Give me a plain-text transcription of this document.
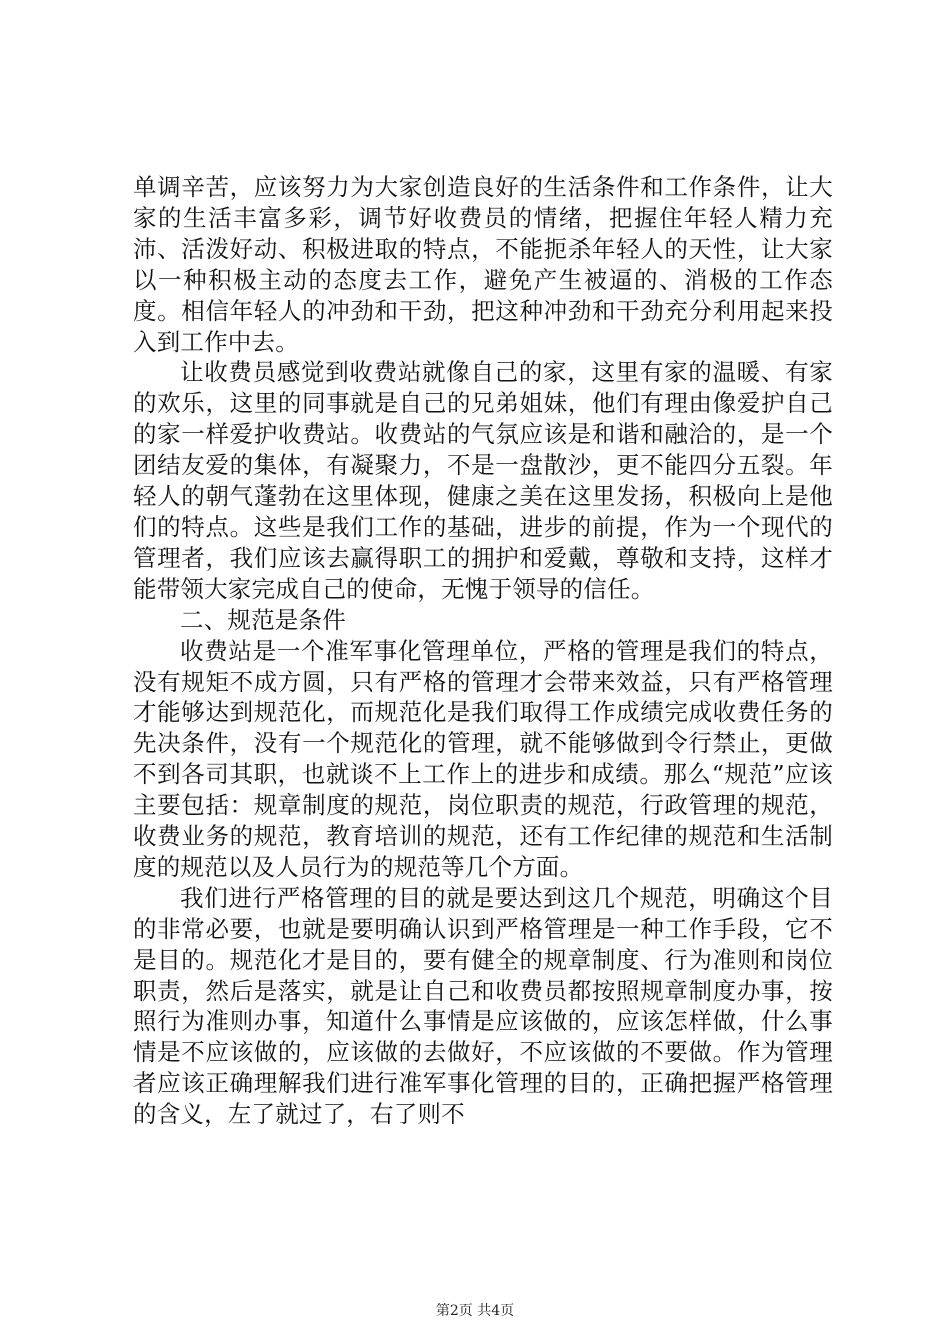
单调辛苦，应该努力为大家创造良好的生活条件和工作条件，让大家的生活丰富多彩，调节好收费员的情绪，把握住年轻人精力充沛、活泼好动、积极进取的特点，不能扼杀年轻人的天性，让大家以一种积极主动的态度去工作，避免产生被逼的、消极的工作态度。相信年轻人的冲劲和干劲，把这种冲劲和干劲充分利用起来投入到工作中去。

让收费员感觉到收费站就像自己的家，这里有家的温暖、有家的欢乐，这里的同事就是自己的兄弟姐妹，他们有理由像爱护自己的家一样爱护收费站。收费站的气氛应该是和谐和融洽的，是一个团结友爱的集体，有凝聚力，不是一盘散沙，更不能四分五裂。年轻人的朝气蓬勃在这里体现，健康之美在这里发扬，积极向上是他们的特点。这些是我们工作的基础，进步的前提，作为一个现代的管理者，我们应该去赢得职工的拥护和爱戴，尊敬和支持，这样才能带领大家完成自己的使命，无愧于领导的信任。

二、规范是条件

收费站是一个准军事化管理单位，严格的管理是我们的特点，没有规矩不成方圆，只有严格的管理才会带来效益，只有严格管理才能够达到规范化，而规范化是我们取得工作成绩完成收费任务的先决条件，没有一个规范化的管理，就不能够做到令行禁止，更做不到各司其职，也就谈不上工作上的进步和成绩。那么“规范”应该主要包括：规章制度的规范，岗位职责的规范，行政管理的规范，收费业务的规范，教育培训的规范，还有工作纪律的规范和生活制度的规范以及人员行为的规范等几个方面。

我们进行严格管理的目的就是要达到这几个规范，明确这个目的非常必要，也就是要明确认识到严格管理是一种工作手段，它不是目的。规范化才是目的，要有健全的规章制度、行为准则和岗位职责，然后是落实，就是让自己和收费员都按照规章制度办事，按照行为准则办事，知道什么事情是应该做的，应该怎样做，什么事情是不应该做的，应该做的去做好，不应该做的不要做。作为管理者应该正确理解我们进行准军事化管理的目的，正确把握严格管理的含义，左了就过了，右了则不

第2页 共4页
